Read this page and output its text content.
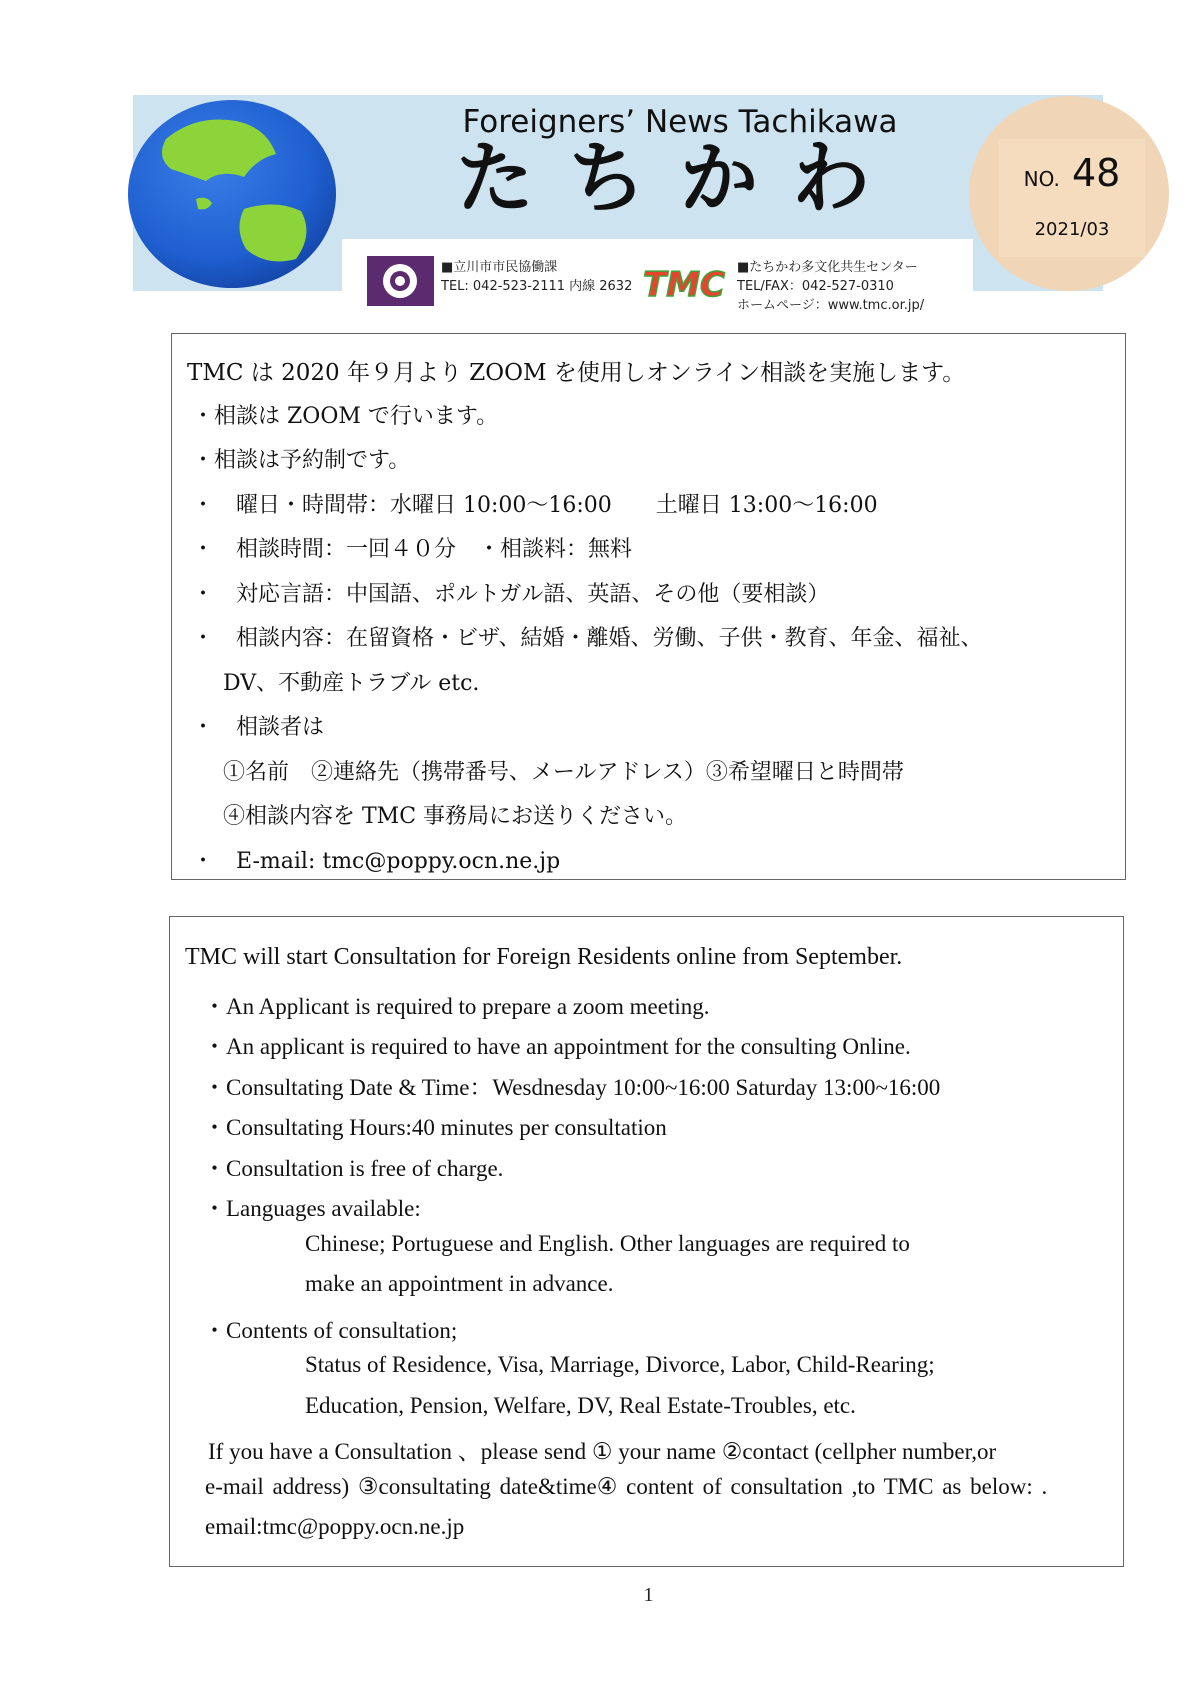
Foreigners’ News Tachikawa
たちかわ	NO. 48
2021/03
■立川市市民協働課
TEL: 042-523-2111 内線 2632 TMC ■たちかわ多文化共生センター
TEL/FAX：042-527-0310
ホームページ：www.tmc.or.jp/
TMC は 2020 年９月より ZOOM を使用しオンライン相談を実施します。
・相談は ZOOM で行います。
・相談は予約制です。
・　曜日・時間帯：水曜日 10:00～16:00　　土曜日 13:00～16:00
・　相談時間：一回４０分　・相談料：無料
・　対応言語：中国語、ポルトガル語、英語、その他（要相談）
・　相談内容：在留資格・ビザ、結婚・離婚、労働、子供・教育、年金、福祉、
DV、不動産トラブル etc.
・　相談者は
①名前　②連絡先（携帯番号、メールアドレス）③希望曜日と時間帯
④相談内容を TMC 事務局にお送りください。
・　E-mail: tmc@poppy.ocn.ne.jp
TMC will start Consultation for Foreign Residents online from September.
・An Applicant is required to prepare a zoom meeting.
・An applicant is required to have an appointment for the consulting Online.
・Consultating Date & Time：Wesdnesday 10:00~16:00 Saturday 13:00~16:00
・Consultating Hours:40 minutes per consultation
・Consultation is free of charge.
・Languages available:
Chinese; Portuguese and English. Other languages are required to
make an appointment in advance.
・Contents of consultation;
Status of Residence, Visa, Marriage, Divorce, Labor, Child-Rearing;
Education, Pension, Welfare, DV, Real Estate-Troubles, etc.
If you have a Consultation 、please send ① your name ②contact (cellpher number,or
e-mail address) ③consultating date&time④ content of consultation ,to TMC as below: .
email:tmc@poppy.ocn.ne.jp
1
